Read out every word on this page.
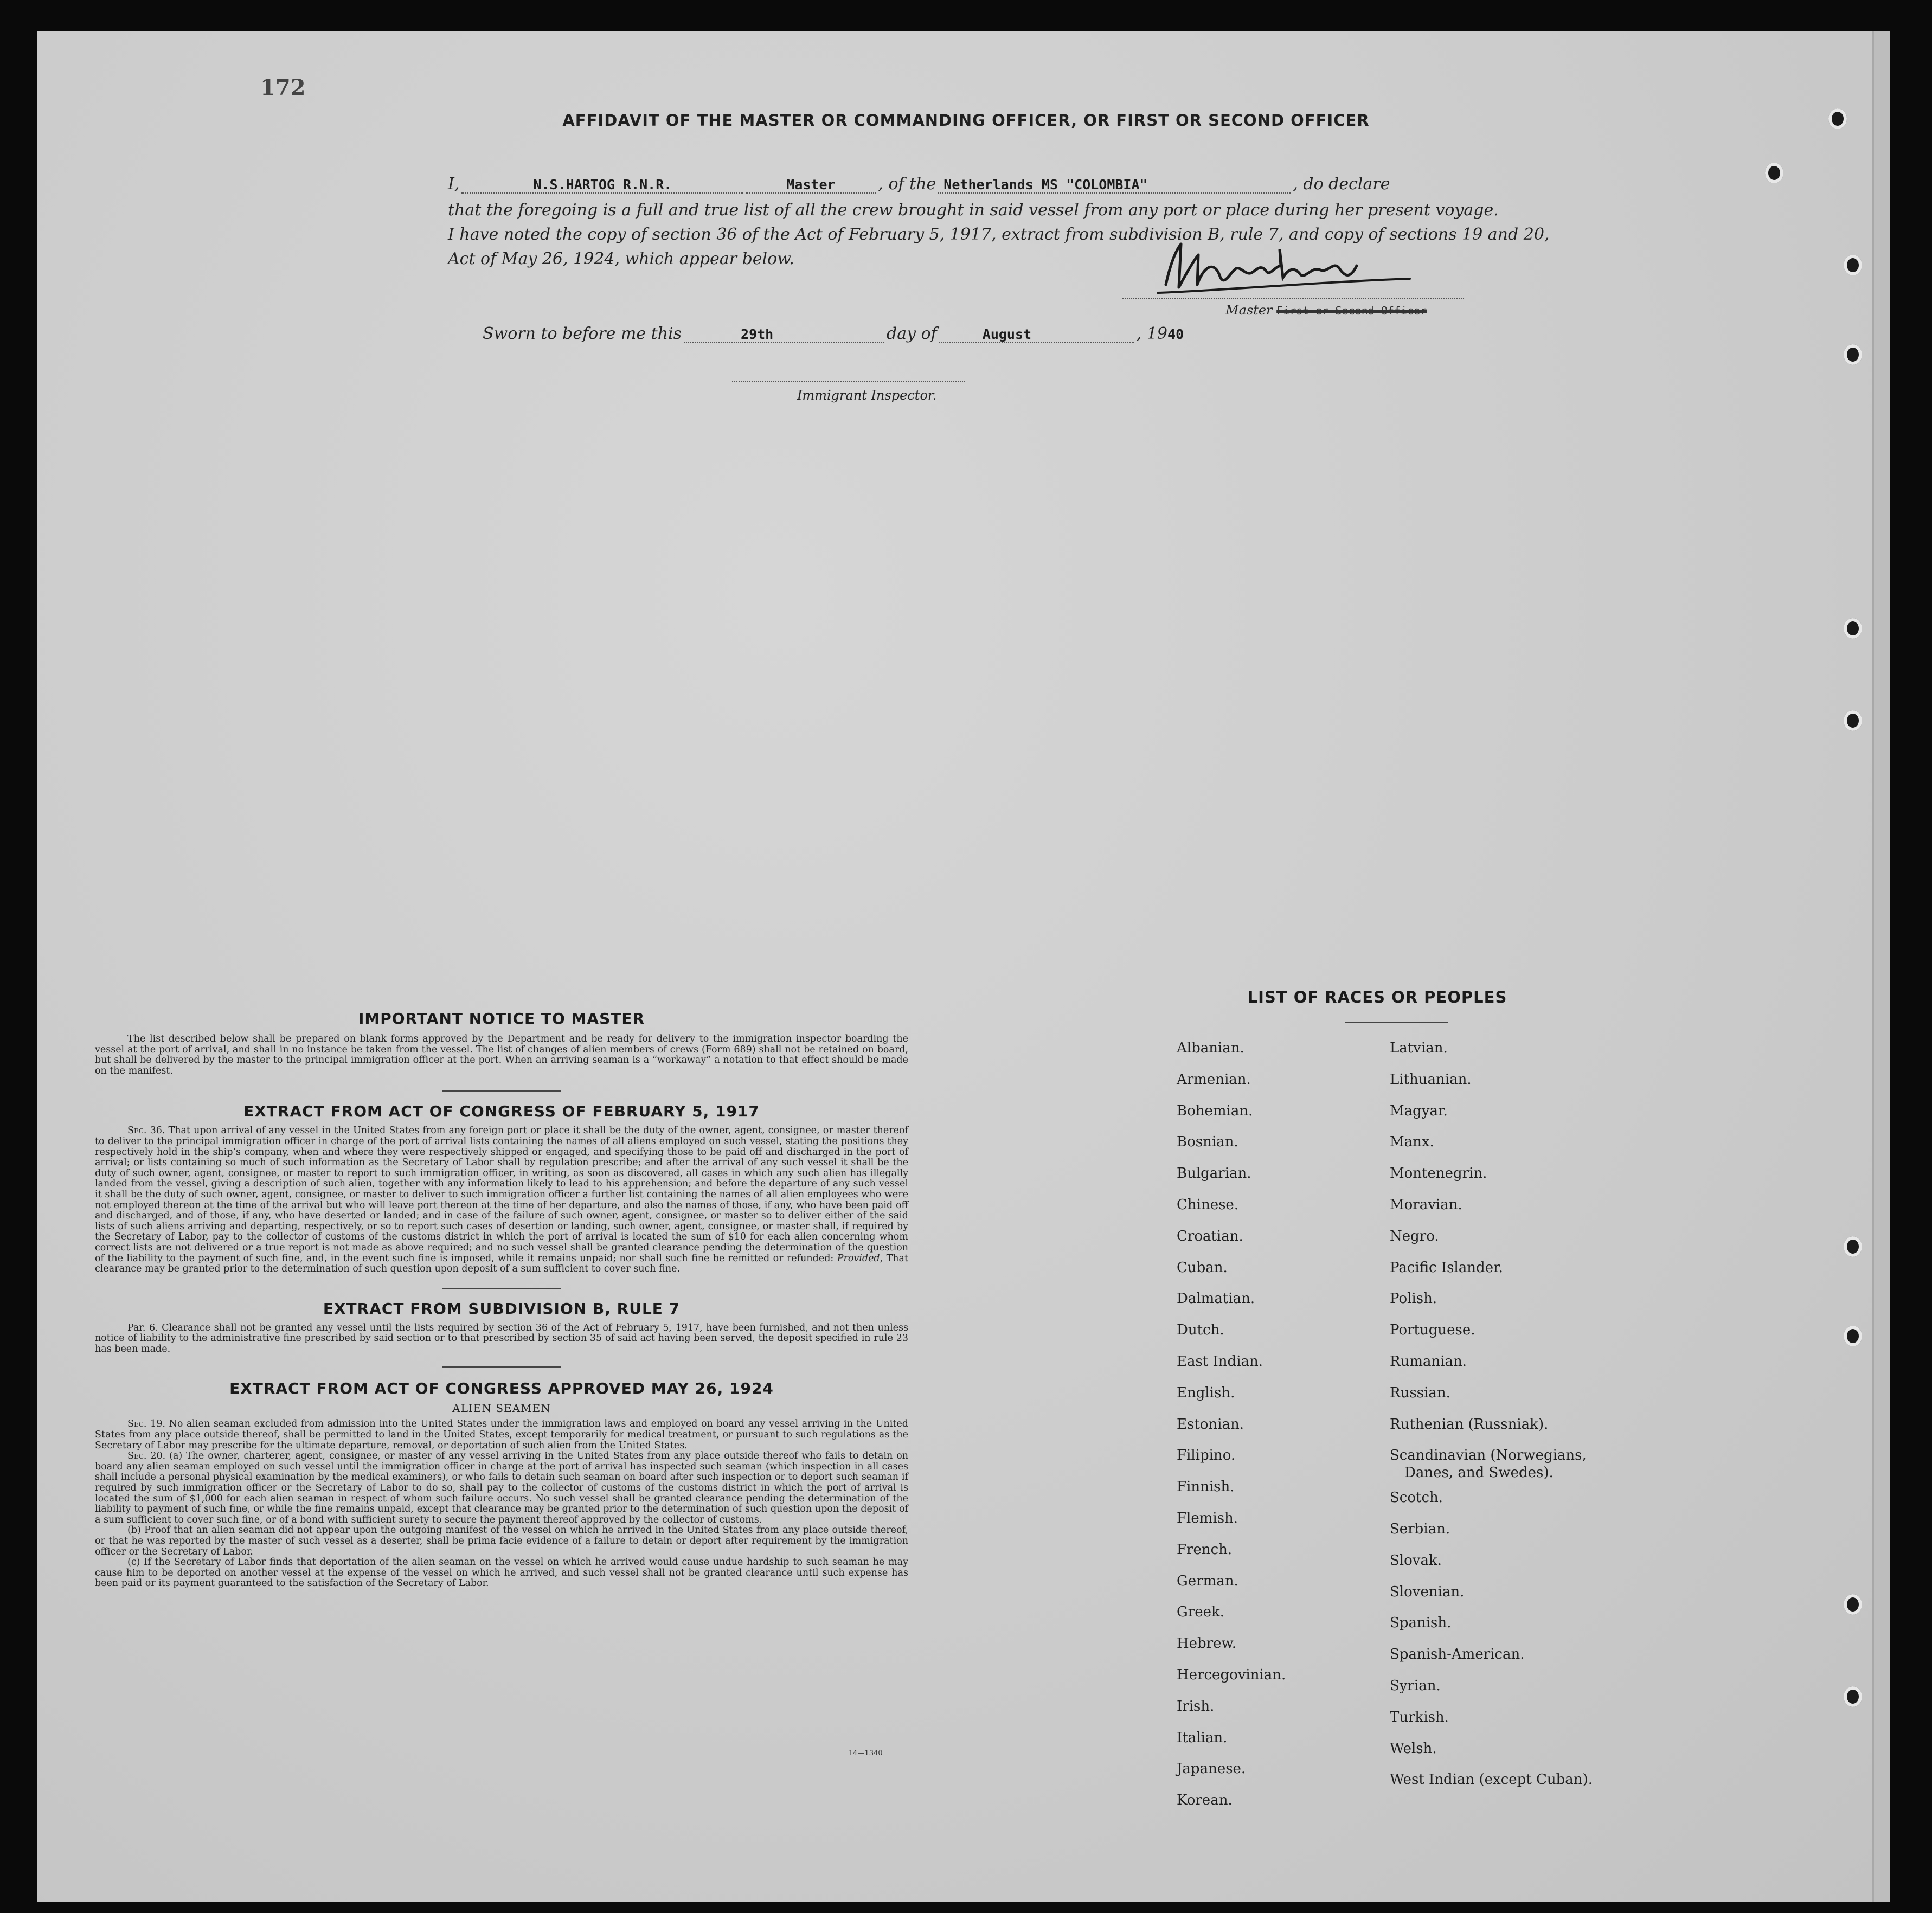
172
AFFIDAVIT OF THE MASTER OR COMMANDING OFFICER, OR FIRST OR SECOND OFFICER
I,	N.S.HARTOG R.N.R.	Master	, of the Netherlands MS "COLOMBIA"	, do declare
that the foregoing is a full and true list of all the crew brought in said vessel from any port or place during her present voyage.
I have noted the copy of section 36 of the Act of February 5, 1917, extract from subdivision B, rule 7, and copy of sections 19 and 20,
Act of May 26, 1924, which appear below.
Master First or Second Officer
Sworn to before me this	29th	day of	August	, 1940
Immigrant Inspector.
IMPORTANT NOTICE TO MASTER
The list described below shall be prepared on blank forms approved by the Department and be ready for delivery to the immigration inspector boarding the vessel at the port of arrival, and shall in no instance be taken from the vessel. The list of changes of alien members of crews (Form 689) shall not be retained on board, but shall be delivered by the master to the principal immigration officer at the port. When an arriving seaman is a “workaway” a notation to that effect should be made on the manifest.
EXTRACT FROM ACT OF CONGRESS OF FEBRUARY 5, 1917
Sec. 36. That upon arrival of any vessel in the United States from any foreign port or place it shall be the duty of the owner, agent, consignee, or master thereof to deliver to the principal immigration officer in charge of the port of arrival lists containing the names of all aliens employed on such vessel, stating the positions they respectively hold in the ship’s company, when and where they were respectively shipped or engaged, and specifying those to be paid off and discharged in the port of arrival; or lists containing so much of such information as the Secretary of Labor shall by regulation prescribe; and after the arrival of any such vessel it shall be the duty of such owner, agent, consignee, or master to report to such immigration officer, in writing, as soon as discovered, all cases in which any such alien has illegally landed from the vessel, giving a description of such alien, together with any information likely to lead to his apprehension; and before the departure of any such vessel it shall be the duty of such owner, agent, consignee, or master to deliver to such immigration officer a further list containing the names of all alien employees who were not employed thereon at the time of the arrival but who will leave port thereon at the time of her departure, and also the names of those, if any, who have been paid off and discharged, and of those, if any, who have deserted or landed; and in case of the failure of such owner, agent, consignee, or master so to deliver either of the said lists of such aliens arriving and departing, respectively, or so to report such cases of desertion or landing, such owner, agent, consignee, or master shall, if required by the Secretary of Labor, pay to the collector of customs of the customs district in which the port of arrival is located the sum of $10 for each alien concerning whom correct lists are not delivered or a true report is not made as above required; and no such vessel shall be granted clearance pending the determination of the question of the liability to the payment of such fine, and, in the event such fine is imposed, while it remains unpaid; nor shall such fine be remitted or refunded: Provided, That clearance may be granted prior to the determination of such question upon deposit of a sum sufficient to cover such fine.
EXTRACT FROM SUBDIVISION B, RULE 7
Par. 6. Clearance shall not be granted any vessel until the lists required by section 36 of the Act of February 5, 1917, have been furnished, and not then unless notice of liability to the administrative fine prescribed by said section or to that prescribed by section 35 of said act having been served, the deposit specified in rule 23 has been made.
EXTRACT FROM ACT OF CONGRESS APPROVED MAY 26, 1924
ALIEN SEAMEN
Sec. 19. No alien seaman excluded from admission into the United States under the immigration laws and employed on board any vessel arriving in the United States from any place outside thereof, shall be permitted to land in the United States, except temporarily for medical treatment, or pursuant to such regulations as the Secretary of Labor may prescribe for the ultimate departure, removal, or deportation of such alien from the United States.
Sec. 20. (a) The owner, charterer, agent, consignee, or master of any vessel arriving in the United States from any place outside thereof who fails to detain on board any alien seaman employed on such vessel until the immigration officer in charge at the port of arrival has inspected such seaman (which inspection in all cases shall include a personal physical examination by the medical examiners), or who fails to detain such seaman on board after such inspection or to deport such seaman if required by such immigration officer or the Secretary of Labor to do so, shall pay to the collector of customs of the customs district in which the port of arrival is located the sum of $1,000 for each alien seaman in respect of whom such failure occurs. No such vessel shall be granted clearance pending the determination of the liability to payment of such fine, or while the fine remains unpaid, except that clearance may be granted prior to the determination of such question upon the deposit of a sum sufficient to cover such fine, or of a bond with sufficient surety to secure the payment thereof approved by the collector of customs.
(b) Proof that an alien seaman did not appear upon the outgoing manifest of the vessel on which he arrived in the United States from any place outside thereof, or that he was reported by the master of such vessel as a deserter, shall be prima facie evidence of a failure to detain or deport after requirement by the immigration officer or the Secretary of Labor.
(c) If the Secretary of Labor finds that deportation of the alien seaman on the vessel on which he arrived would cause undue hardship to such seaman he may cause him to be deported on another vessel at the expense of the vessel on which he arrived, and such vessel shall not be granted clearance until such expense has been paid or its payment guaranteed to the satisfaction of the Secretary of Labor.
14—1340
LIST OF RACES OR PEOPLES
Albanian.
Armenian.
Bohemian.
Bosnian.
Bulgarian.
Chinese.
Croatian.
Cuban.
Dalmatian.
Dutch.
East Indian.
English.
Estonian.
Filipino.
Finnish.
Flemish.
French.
German.
Greek.
Hebrew.
Hercegovinian.
Irish.
Italian.
Japanese.
Korean.
Latvian.
Lithuanian.
Magyar.
Manx.
Montenegrin.
Moravian.
Negro.
Pacific Islander.
Polish.
Portuguese.
Rumanian.
Russian.
Ruthenian (Russniak).
Scandinavian (Norwegians,
Danes, and Swedes).
Scotch.
Serbian.
Slovak.
Slovenian.
Spanish.
Spanish-American.
Syrian.
Turkish.
Welsh.
West Indian (except Cuban).
